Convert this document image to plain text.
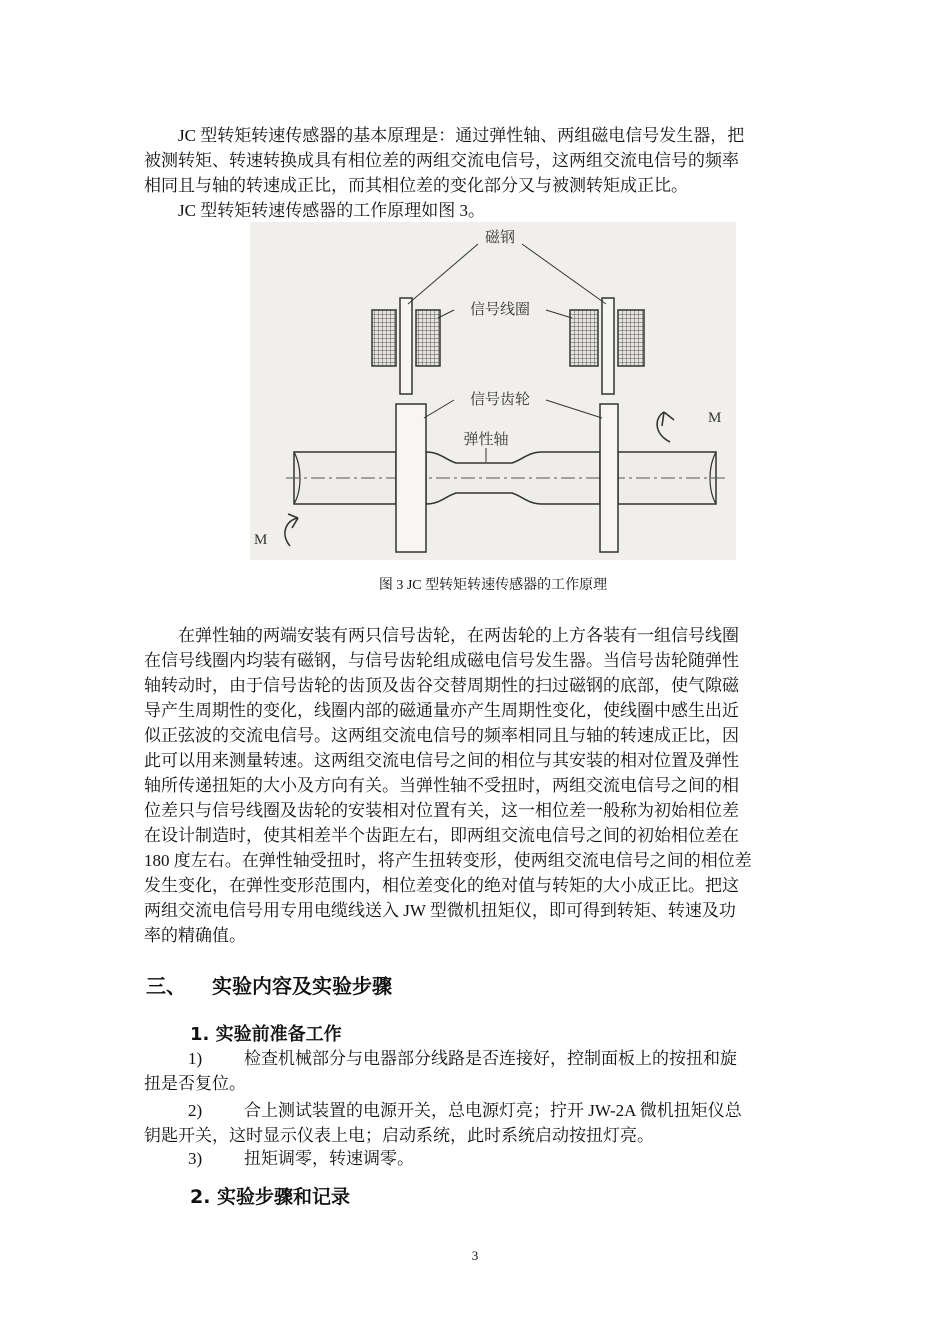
JC 型转矩转速传感器的基本原理是：通过弹性轴、两组磁电信号发生器，把
被测转矩、转速转换成具有相位差的两组交流电信号，这两组交流电信号的频率
相同且与轴的转速成正比，而其相位差的变化部分又与被测转矩成正比。
JC 型转矩转速传感器的工作原理如图 3。
磁钢
信号线圈
信号齿轮
弹性轴
M
M
图 3 JC 型转矩转速传感器的工作原理
在弹性轴的两端安装有两只信号齿轮，在两齿轮的上方各装有一组信号线圈
在信号线圈内均装有磁钢，与信号齿轮组成磁电信号发生器。当信号齿轮随弹性
轴转动时，由于信号齿轮的齿顶及齿谷交替周期性的扫过磁钢的底部，使气隙磁
导产生周期性的变化，线圈内部的磁通量亦产生周期性变化，使线圈中感生出近
似正弦波的交流电信号。这两组交流电信号的频率相同且与轴的转速成正比，因
此可以用来测量转速。这两组交流电信号之间的相位与其安装的相对位置及弹性
轴所传递扭矩的大小及方向有关。当弹性轴不受扭时，两组交流电信号之间的相
位差只与信号线圈及齿轮的安装相对位置有关，这一相位差一般称为初始相位差
在设计制造时，使其相差半个齿距左右，即两组交流电信号之间的初始相位差在
180 度左右。在弹性轴受扭时，将产生扭转变形，使两组交流电信号之间的相位差
发生变化，在弹性变形范围内，相位差变化的绝对值与转矩的大小成正比。把这
两组交流电信号用专用电缆线送入 JW 型微机扭矩仪，即可得到转矩、转速及功
率的精确值。
三、 实验内容及实验步骤
1. 实验前准备工作
1) 检查机械部分与电器部分线路是否连接好，控制面板上的按扭和旋
扭是否复位。
2) 合上测试装置的电源开关，总电源灯亮；拧开 JW-2A 微机扭矩仪总
钥匙开关，这时显示仪表上电；启动系统，此时系统启动按扭灯亮。
3) 扭矩调零，转速调零。
2. 实验步骤和记录
3
